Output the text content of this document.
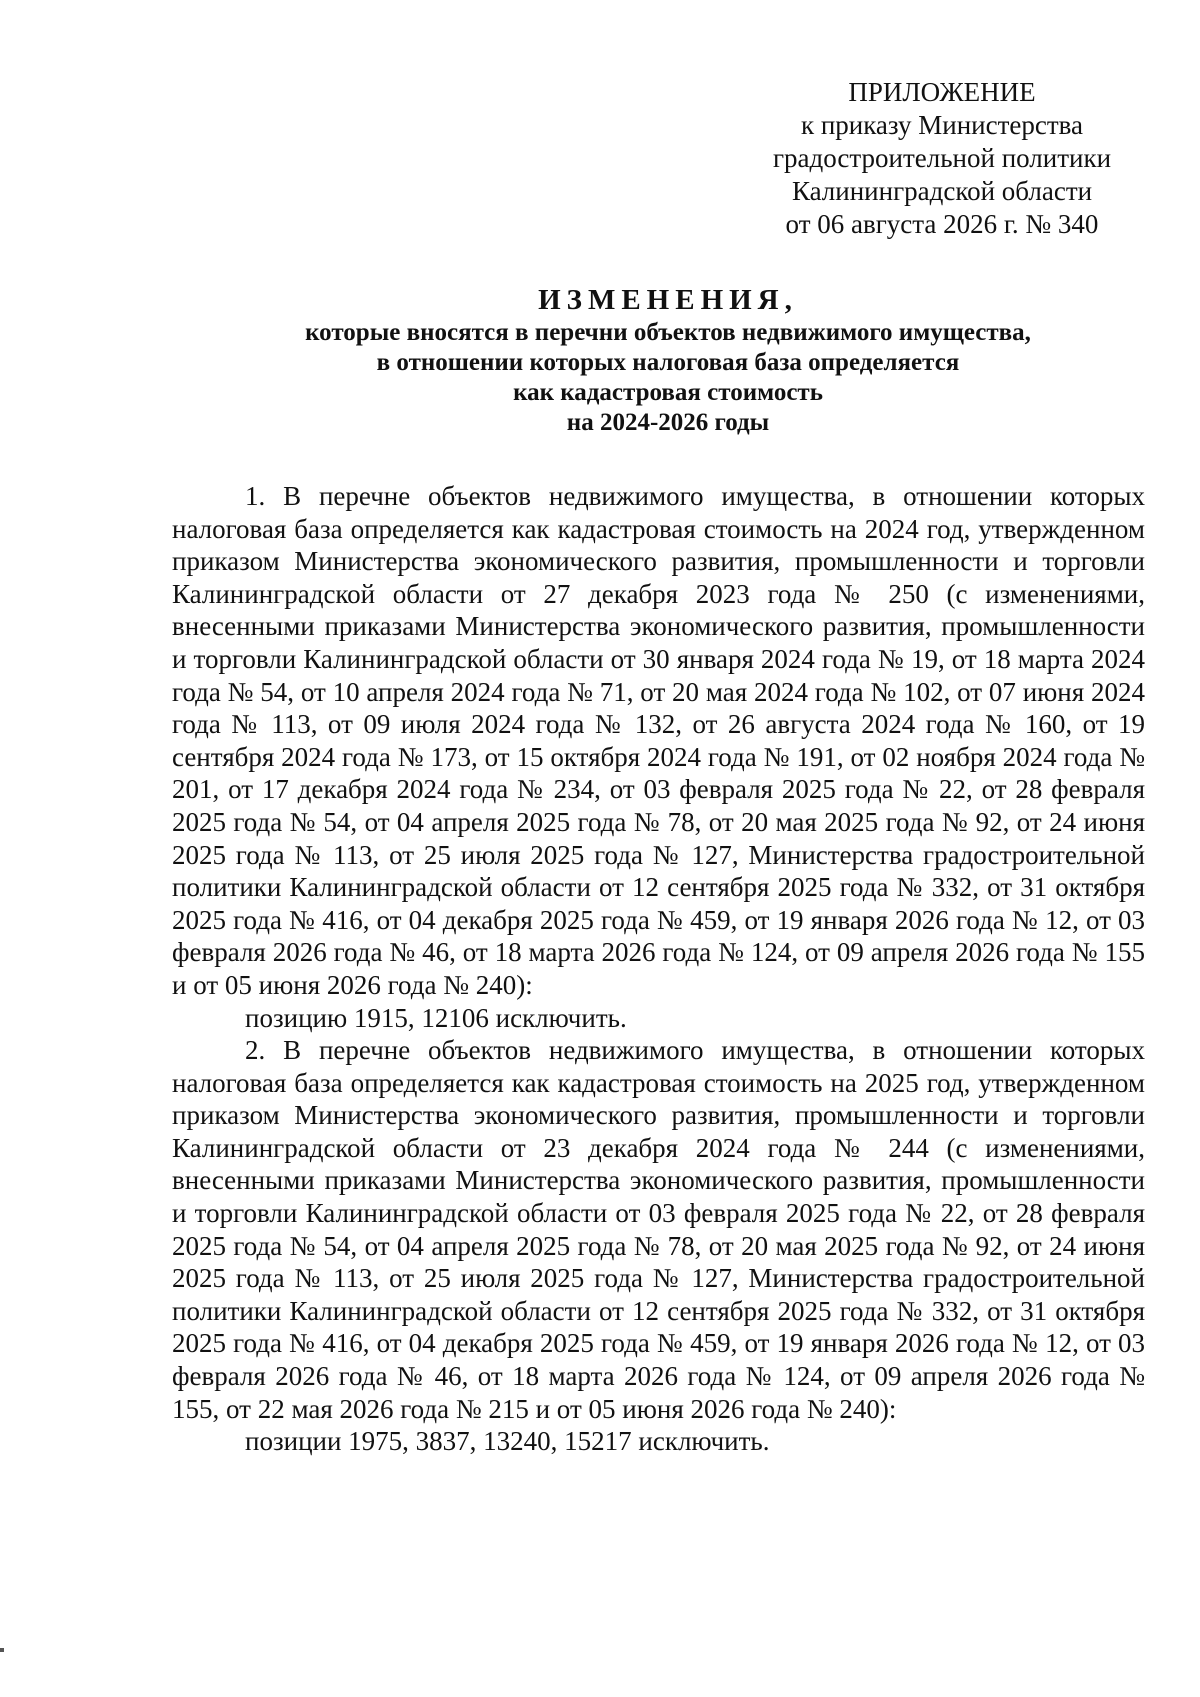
ПРИЛОЖЕНИЕ
к приказу Министерства
градостроительной политики
Калининградской области
от 06 августа 2026 г. № 340
ИЗМЕНЕНИЯ,
которые вносятся в перечни объектов недвижимого имущества,
в отношении которых налоговая база определяется
как кадастровая стоимость
на 2024-2026 годы

1. В перечне объектов недвижимого имущества, в отношении которых налоговая база определяется как кадастровая стоимость на 2024 год, утвержденном приказом Министерства экономического развития, промышленности и торговли Калининградской области от 27 декабря 2023 года № 250 (с изменениями, внесенными приказами Министерства экономического развития, промышленности и торговли Калининградской области от 30 января 2024 года № 19, от 18 марта 2024 года № 54, от 10 апреля 2024 года № 71, от 20 мая 2024 года № 102, от 07 июня 2024 года № 113, от 09 июля 2024 года № 132, от 26 августа 2024 года № 160, от 19 сентября 2024 года № 173, от 15 октября 2024 года № 191, от 02 ноября 2024 года № 201, от 17 декабря 2024 года № 234, от 03 февраля 2025 года № 22, от 28 февраля 2025 года № 54, от 04 апреля 2025 года № 78, от 20 мая 2025 года № 92, от 24 июня 2025 года № 113, от 25 июля 2025 года № 127, Министерства градостроительной политики Калининградской области от 12 сентября 2025 года № 332, от 31 октября 2025 года № 416, от 04 декабря 2025 года № 459, от 19 января 2026 года № 12, от 03 февраля 2026 года № 46, от 18 марта 2026 года № 124, от 09 апреля 2026 года № 155 и от 05 июня 2026 года № 240):

позицию 1915, 12106 исключить.

2. В перечне объектов недвижимого имущества, в отношении которых налоговая база определяется как кадастровая стоимость на 2025 год, утвержденном приказом Министерства экономического развития, промышленности и торговли Калининградской области от 23 декабря 2024 года № 244 (с изменениями, внесенными приказами Министерства экономического развития, промышленности и торговли Калининградской области от 03 февраля 2025 года № 22, от 28 февраля 2025 года № 54, от 04 апреля 2025 года № 78, от 20 мая 2025 года № 92, от 24 июня 2025 года № 113, от 25 июля 2025 года № 127, Министерства градостроительной политики Калининградской области от 12 сентября 2025 года № 332, от 31 октября 2025 года № 416, от 04 декабря 2025 года № 459, от 19 января 2026 года № 12, от 03 февраля 2026 года № 46, от 18 марта 2026 года № 124, от 09 апреля 2026 года № 155, от 22 мая 2026 года № 215 и от 05 июня 2026 года № 240):

позиции 1975, 3837, 13240, 15217 исключить.
